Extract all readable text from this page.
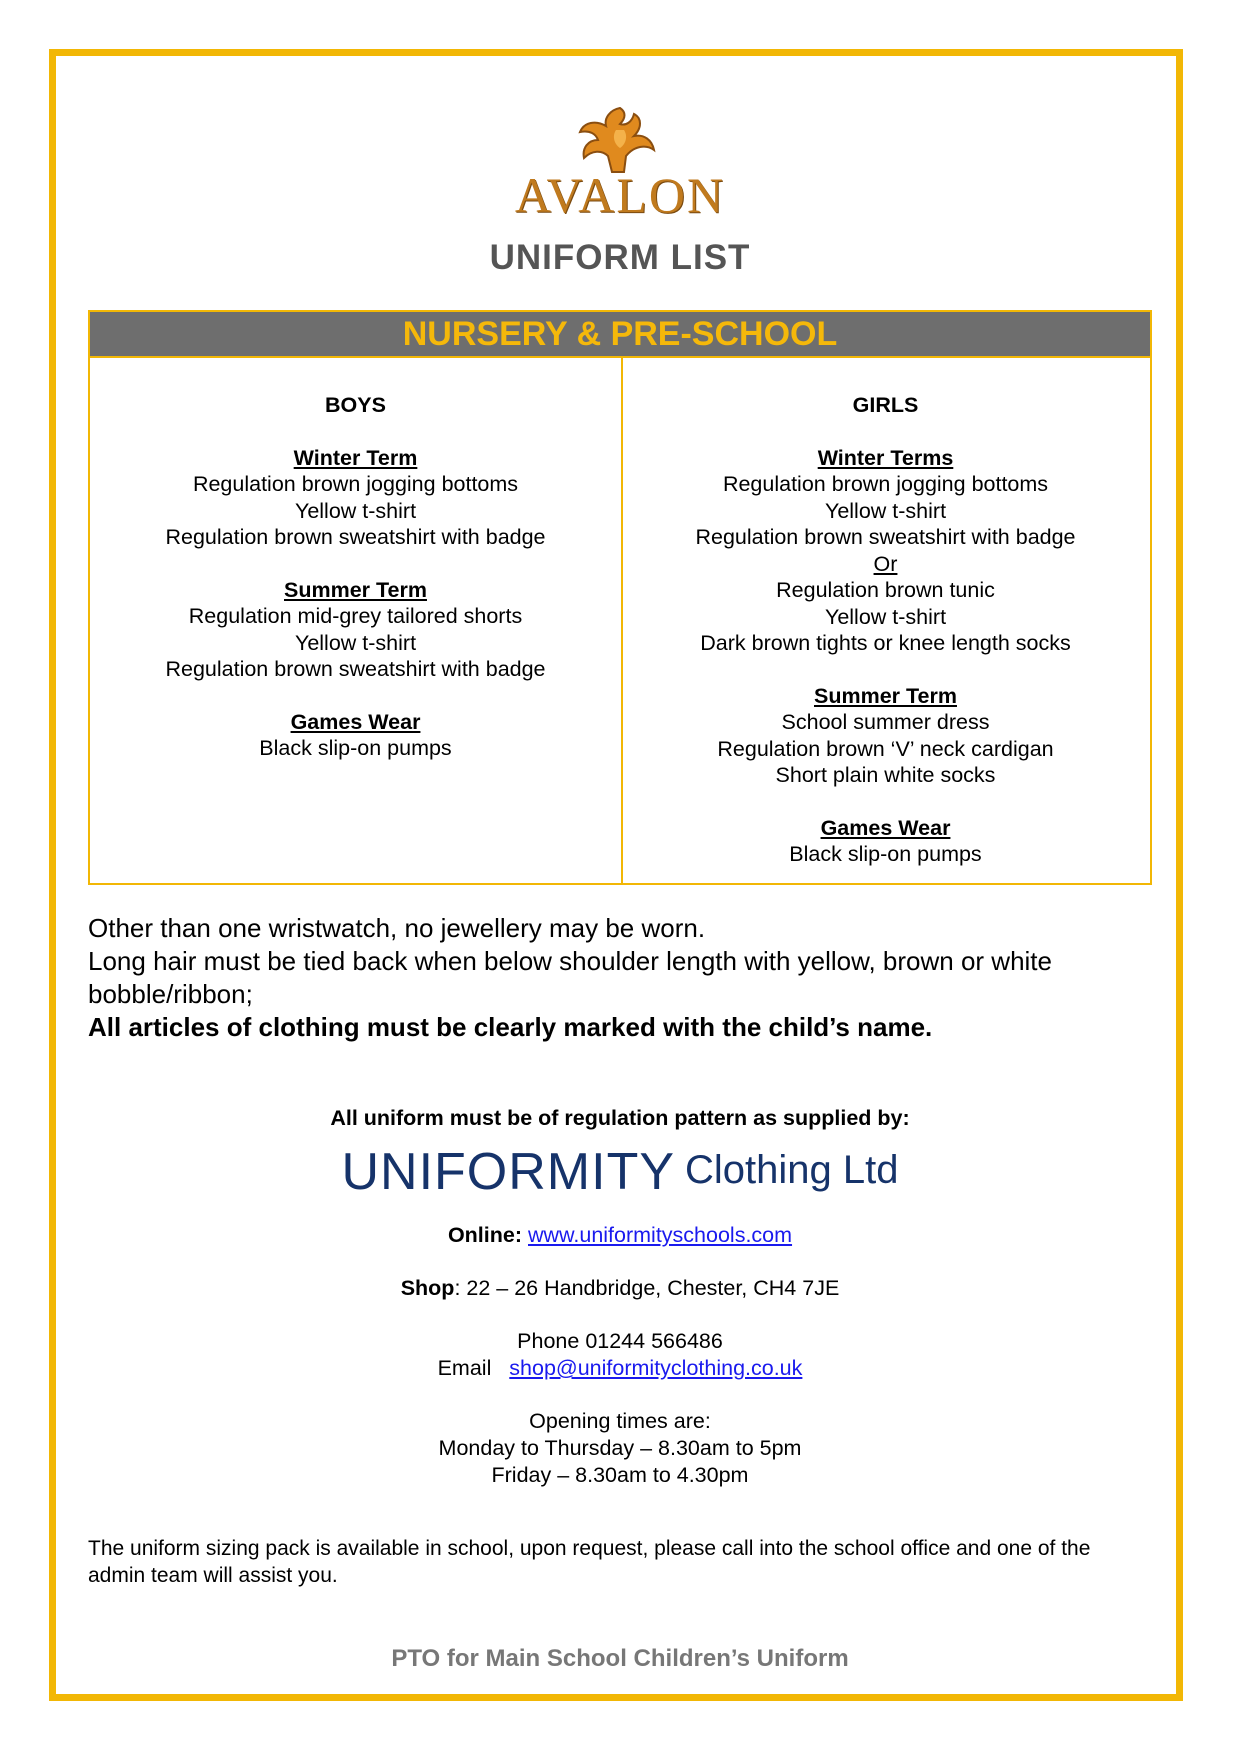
AVALON
UNIFORM LIST
NURSERY & PRE-SCHOOL
BOYS
Winter Term
Regulation brown jogging bottoms
Yellow t-shirt
Regulation brown sweatshirt with badge
Summer Term
Regulation mid-grey tailored shorts
Yellow t-shirt
Regulation brown sweatshirt with badge
Games Wear
Black slip-on pumps
GIRLS
Winter Terms
Regulation brown jogging bottoms
Yellow t-shirt
Regulation brown sweatshirt with badge
Or
Regulation brown tunic
Yellow t-shirt
Dark brown tights or knee length socks
Summer Term
School summer dress
Regulation brown ‘V’ neck cardigan
Short plain white socks
Games Wear
Black slip-on pumps
Other than one wristwatch, no jewellery may be worn.
Long hair must be tied back when below shoulder length with yellow, brown or white bobble/ribbon;
All articles of clothing must be clearly marked with the child’s name.
All uniform must be of regulation pattern as supplied by:
UNIFORMITY Clothing Ltd
Online: www.uniformityschools.com
Shop: 22 – 26 Handbridge, Chester, CH4 7JE
Phone 01244 566486
Email shop@uniformityclothing.co.uk
Opening times are:
Monday to Thursday – 8.30am to 5pm
Friday – 8.30am to 4.30pm
The uniform sizing pack is available in school, upon request, please call into the school office and one of the admin team will assist you.
PTO for Main School Children’s Uniform
